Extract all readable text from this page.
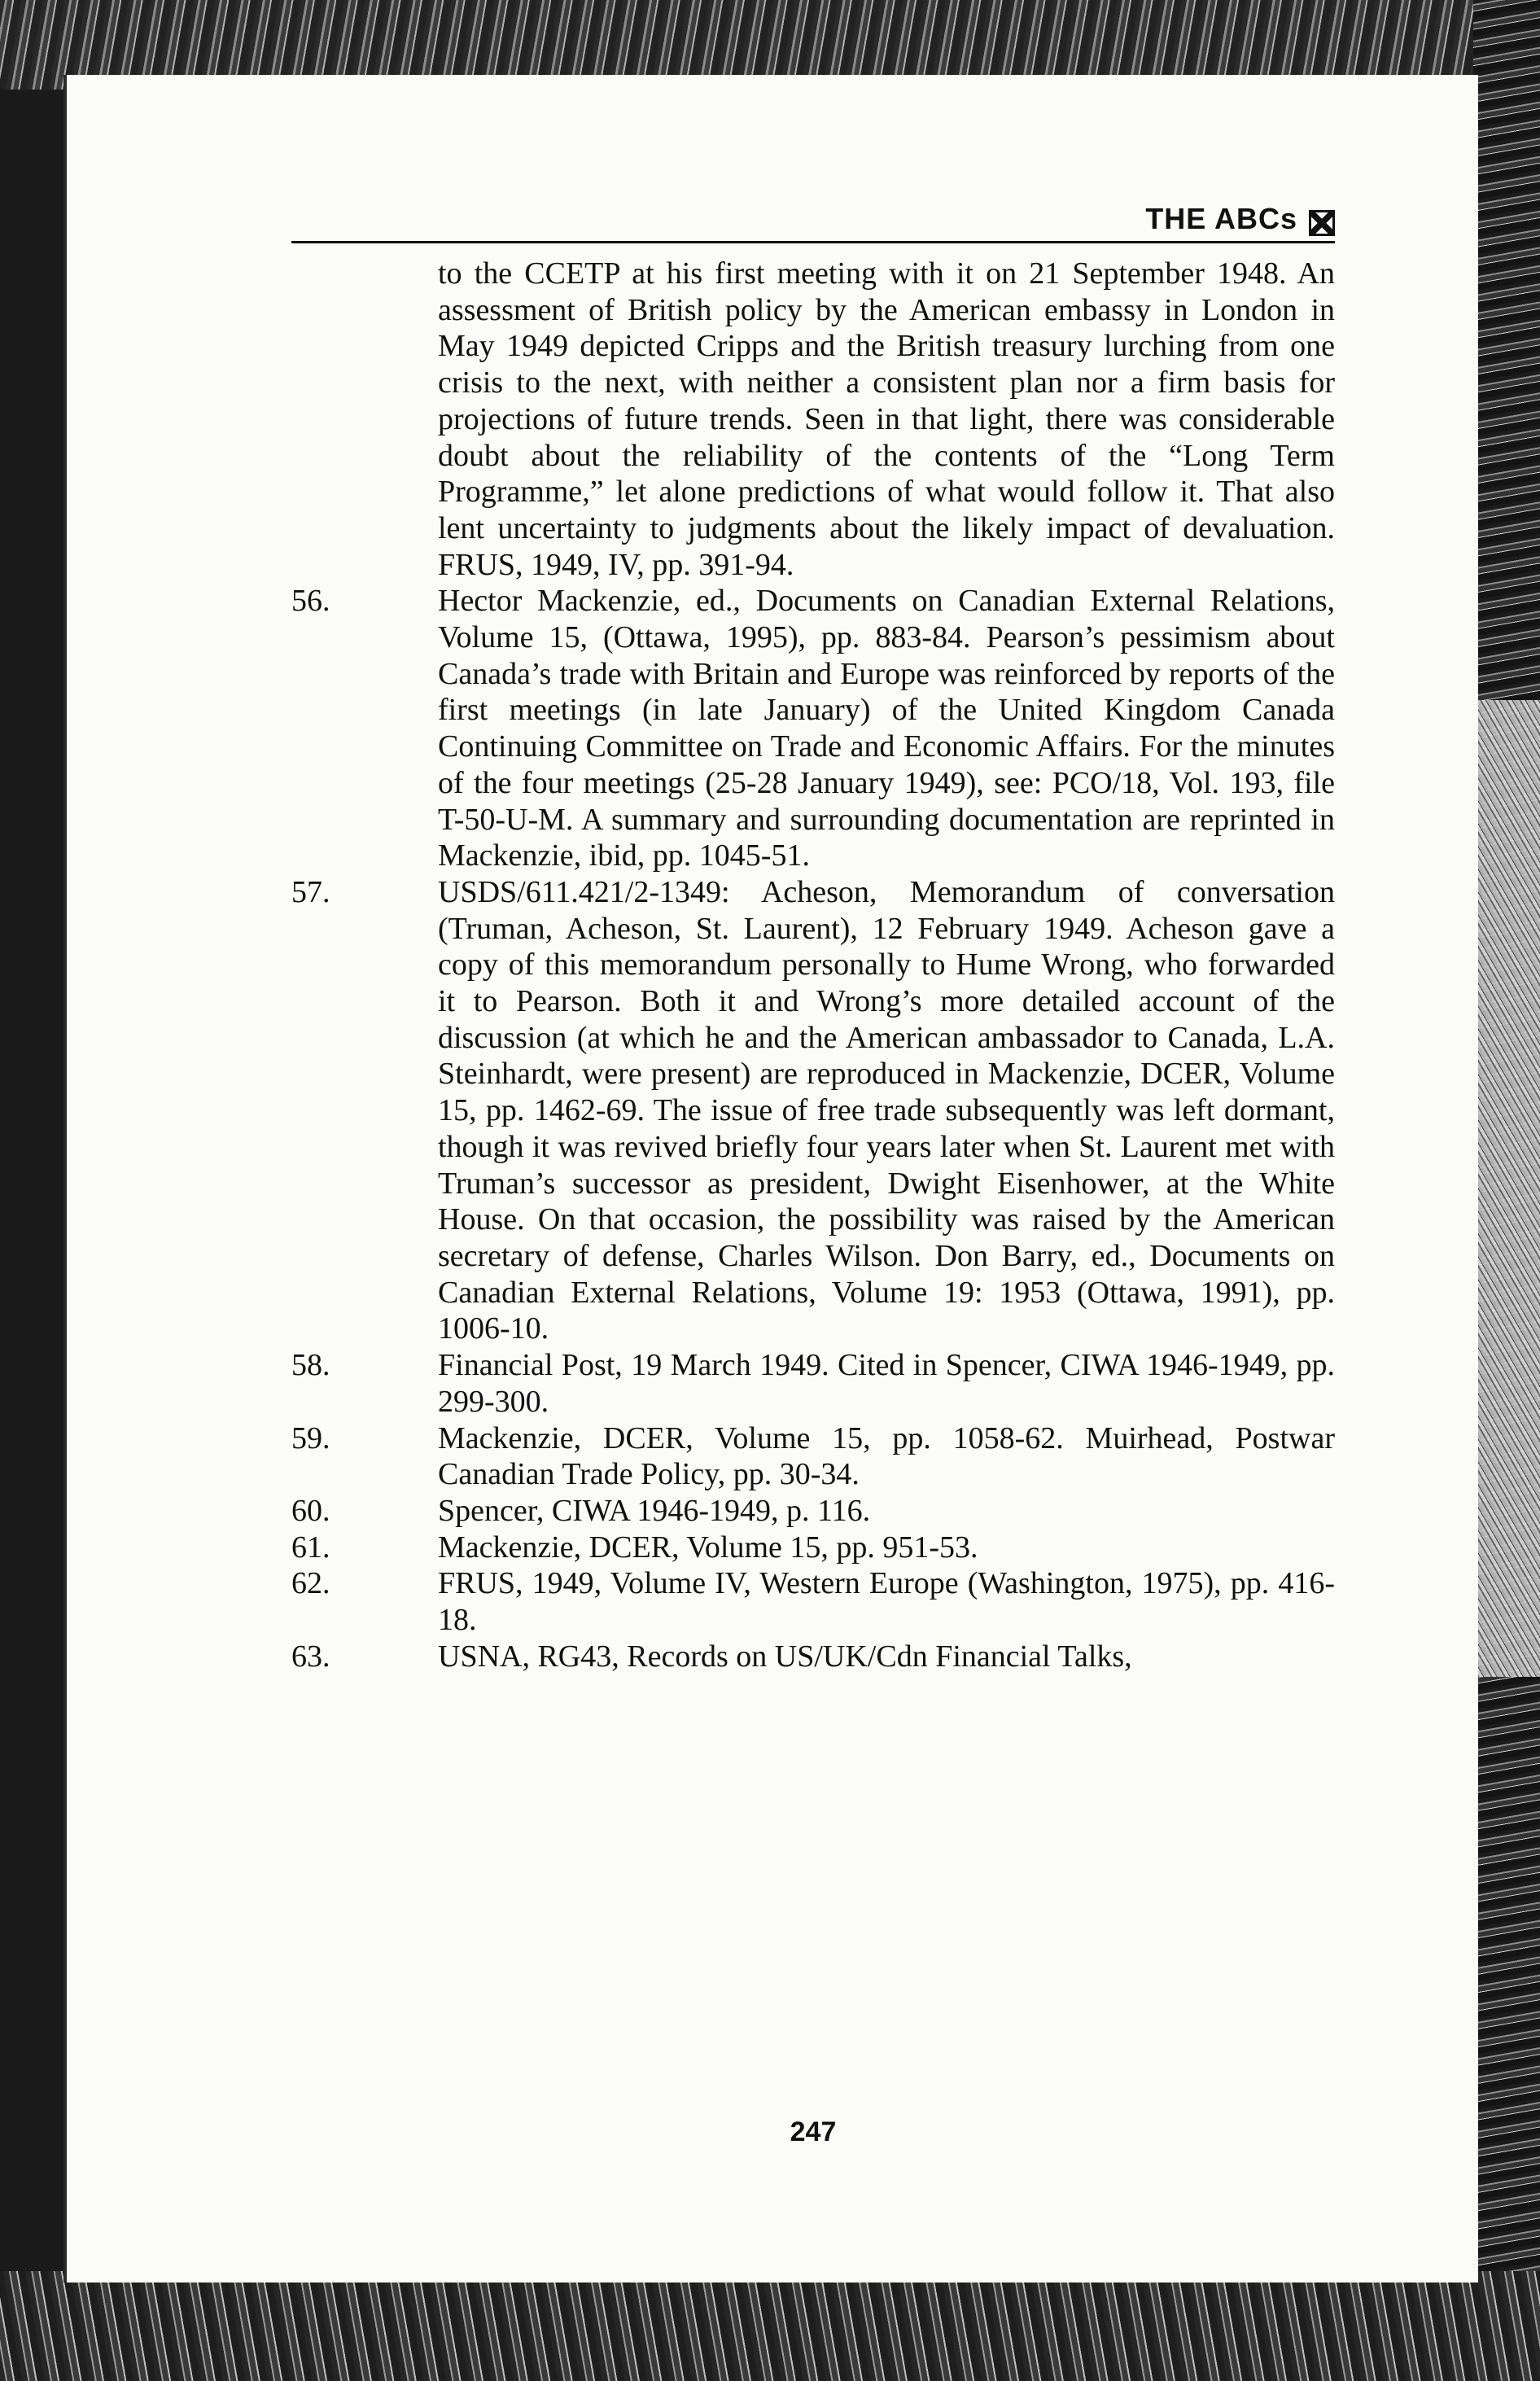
THE ABCs

to the CCETP at his first meeting with it on 21 September 1948. An assessment of British policy by the American embassy in London in May 1949 depicted Cripps and the British treasury lurching from one crisis to the next, with neither a consistent plan nor a firm basis for projections of future trends. Seen in that light, there was considerable doubt about the reliability of the contents of the “Long Term Programme,” let alone predictions of what would follow it. That also lent uncertainty to judgments about the likely impact of devaluation. FRUS, 1949, IV, pp. 391-94.

56.	Hector Mackenzie, ed., Documents on Canadian External Relations, Volume 15, (Ottawa, 1995), pp. 883-84. Pearson’s pessimism about Canada’s trade with Britain and Europe was reinforced by reports of the first meetings (in late January) of the United Kingdom Canada Continuing Committee on Trade and Economic Affairs. For the minutes of the four meetings (25-28 January 1949), see: PCO/18, Vol. 193, file T-50-U-M. A summary and surrounding documentation are reprinted in Mackenzie, ibid, pp. 1045-51.

57.	USDS/611.421/2-1349: Acheson, Memorandum of conversation (Truman, Acheson, St. Laurent), 12 February 1949. Acheson gave a copy of this memorandum personally to Hume Wrong, who forwarded it to Pearson. Both it and Wrong’s more detailed account of the discussion (at which he and the American ambassador to Canada, L.A. Steinhardt, were present) are reproduced in Mackenzie, DCER, Volume 15, pp. 1462-69. The issue of free trade subsequently was left dormant, though it was revived briefly four years later when St. Laurent met with Truman’s successor as president, Dwight Eisenhower, at the White House. On that occasion, the possibility was raised by the American secretary of defense, Charles Wilson. Don Barry, ed., Documents on Canadian External Relations, Volume 19: 1953 (Ottawa, 1991), pp. 1006-10.

58.	Financial Post, 19 March 1949. Cited in Spencer, CIWA 1946-1949, pp. 299-300.

59.	Mackenzie, DCER, Volume 15, pp. 1058-62. Muirhead, Postwar Canadian Trade Policy, pp. 30-34.

60.	Spencer, CIWA 1946-1949, p. 116.

61.	Mackenzie, DCER, Volume 15, pp. 951-53.

62.	FRUS, 1949, Volume IV, Western Europe (Washington, 1975), pp. 416-18.

63.	USNA, RG43, Records on US/UK/Cdn Financial Talks,

247
